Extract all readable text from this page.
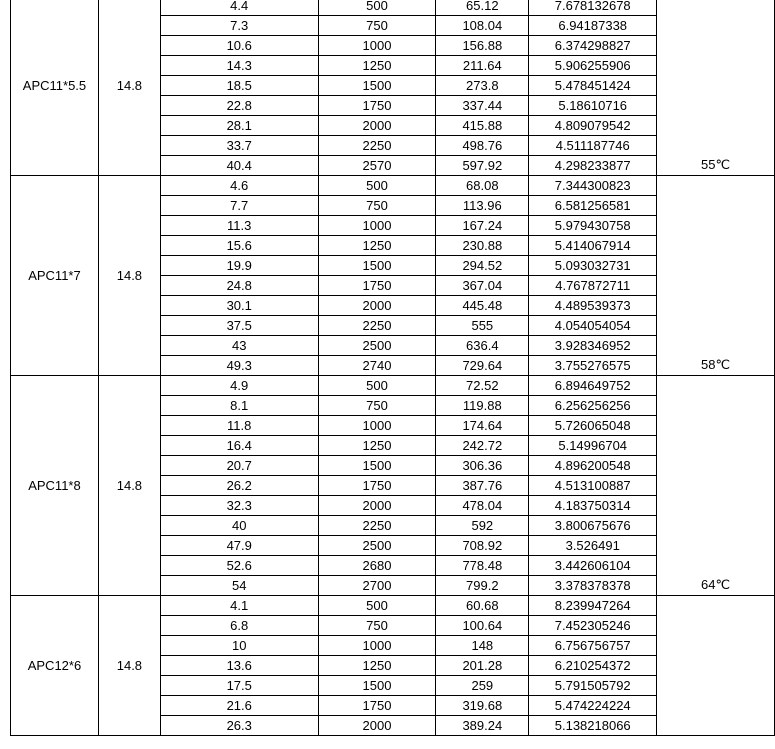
APC11*5.5	14.8	4.4	500	65.12	7.678132678	
		7.3	750	108.04	6.94187338	
		10.6	1000	156.88	6.374298827	
		14.3	1250	211.64	5.906255906	
		18.5	1500	273.8	5.478451424	
		22.8	1750	337.44	5.18610716	
		28.1	2000	415.88	4.809079542	
		33.7	2250	498.76	4.511187746	
		40.4	2570	597.92	4.298233877	55℃
APC11*7	14.8	4.6	500	68.08	7.344300823	
		7.7	750	113.96	6.581256581	
		11.3	1000	167.24	5.979430758	
		15.6	1250	230.88	5.414067914	
		19.9	1500	294.52	5.093032731	
		24.8	1750	367.04	4.767872711	
		30.1	2000	445.48	4.489539373	
		37.5	2250	555	4.054054054	
		43	2500	636.4	3.928346952	
		49.3	2740	729.64	3.755276575	58℃
APC11*8	14.8	4.9	500	72.52	6.894649752	
		8.1	750	119.88	6.256256256	
		11.8	1000	174.64	5.726065048	
		16.4	1250	242.72	5.14996704	
		20.7	1500	306.36	4.896200548	
		26.2	1750	387.76	4.513100887	
		32.3	2000	478.04	4.183750314	
		40	2250	592	3.800675676	
		47.9	2500	708.92	3.526491	
		52.6	2680	778.48	3.442606104	
		54	2700	799.2	3.378378378	64℃
APC12*6	14.8	4.1	500	60.68	8.239947264	
		6.8	750	100.64	7.452305246	
		10	1000	148	6.756756757	
		13.6	1250	201.28	6.210254372	
		17.5	1500	259	5.791505792	
		21.6	1750	319.68	5.474224224	
		26.3	2000	389.24	5.138218066	
